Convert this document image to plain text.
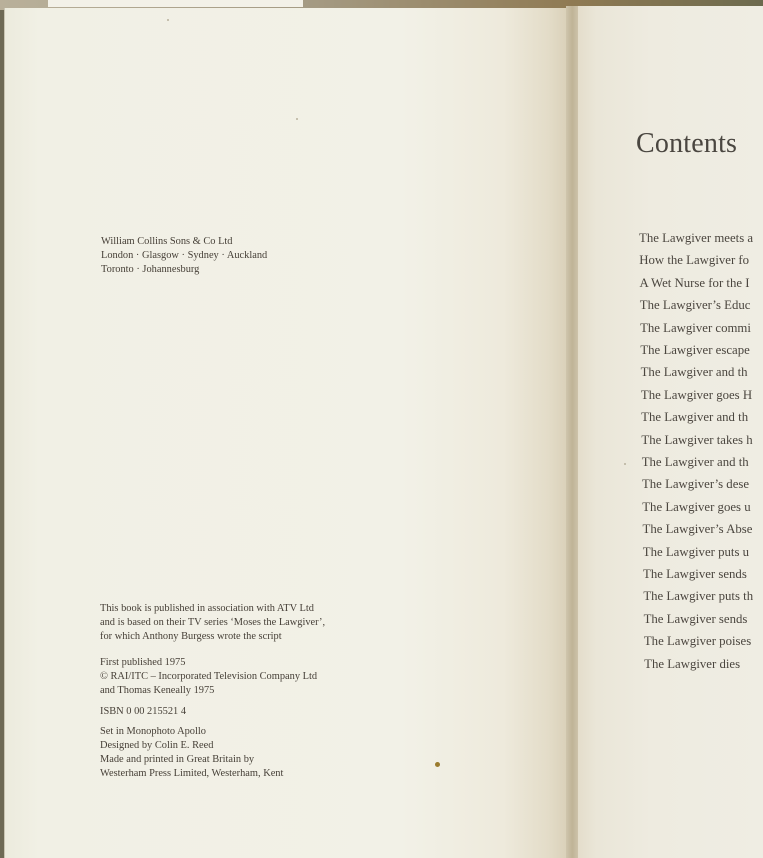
William Collins Sons & Co Ltd
London · Glasgow · Sydney · Auckland
Toronto · Johannesburg
This book is published in association with ATV Ltd
and is based on their TV series ‘Moses the Lawgiver’,
for which Anthony Burgess wrote the script
First published 1975
© RAI/ITC – Incorporated Television Company Ltd
and Thomas Keneally 1975
ISBN 0 00 215521 4
Set in Monophoto Apollo
Designed by Colin E. Reed
Made and printed in Great Britain by
Westerham Press Limited, Westerham, Kent
Contents
The Lawgiver meets a
How the Lawgiver fo
A Wet Nurse for the I
The Lawgiver’s Educ
The Lawgiver commi
The Lawgiver escape
The Lawgiver and th
The Lawgiver goes H
The Lawgiver and th
The Lawgiver takes h
The Lawgiver and th
The Lawgiver’s dese
The Lawgiver goes u
The Lawgiver’s Abse
The Lawgiver puts u
The Lawgiver sends
The Lawgiver puts th
The Lawgiver sends
The Lawgiver poises
The Lawgiver dies
